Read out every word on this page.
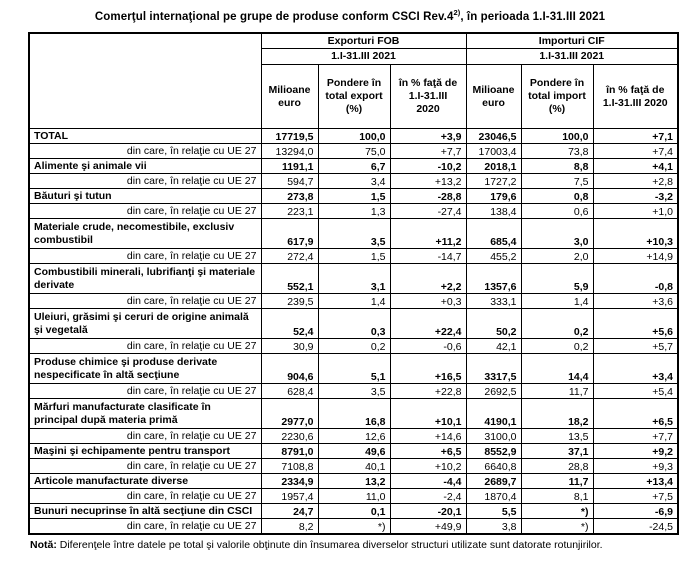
Comerţul internaţional pe grupe de produse conform CSCI Rev.4$^{2)}$, în perioada 1.I-31.III 2021
	Exporturi FOB			Importuri CIF		
	1.I-31.III 2021			1.I-31.III 2021		
	Milioane euro	Pondere în total export (%)	în % faţă de 1.I-31.III 2020	Milioane euro	Pondere în total import (%)	în % faţă de 1.I-31.III 2020
TOTAL	17719,5	100,0	+3,9	23046,5	100,0	+7,1
din care, în relaţie cu UE 27	13294,0	75,0	+7,7	17003,4	73,8	+7,4
Alimente şi animale vii	1191,1	6,7	-10,2	2018,1	8,8	+4,1
din care, în relaţie cu UE 27	594,7	3,4	+13,2	1727,2	7,5	+2,8
Băuturi şi tutun	273,8	1,5	-28,8	179,6	0,8	-3,2
din care, în relaţie cu UE 27	223,1	1,3	-27,4	138,4	0,6	+1,0
Materiale crude, necomestibile, exclusiv combustibil	617,9	3,5	+11,2	685,4	3,0	+10,3
din care, în relaţie cu UE 27	272,4	1,5	-14,7	455,2	2,0	+14,9
Combustibili minerali, lubrifianţi şi materiale derivate	552,1	3,1	+2,2	1357,6	5,9	-0,8
din care, în relaţie cu UE 27	239,5	1,4	+0,3	333,1	1,4	+3,6
Uleiuri, grăsimi şi ceruri de origine animală şi vegetală	52,4	0,3	+22,4	50,2	0,2	+5,6
din care, în relaţie cu UE 27	30,9	0,2	-0,6	42,1	0,2	+5,7
Produse chimice şi produse derivate nespecificate în altă secţiune	904,6	5,1	+16,5	3317,5	14,4	+3,4
din care, în relaţie cu UE 27	628,4	3,5	+22,8	2692,5	11,7	+5,4
Mărfuri manufacturate clasificate în principal după materia primă	2977,0	16,8	+10,1	4190,1	18,2	+6,5
din care, în relaţie cu UE 27	2230,6	12,6	+14,6	3100,0	13,5	+7,7
Maşini şi echipamente pentru transport	8791,0	49,6	+6,5	8552,9	37,1	+9,2
din care, în relaţie cu UE 27	7108,8	40,1	+10,2	6640,8	28,8	+9,3
Articole manufacturate diverse	2334,9	13,2	-4,4	2689,7	11,7	+13,4
din care, în relaţie cu UE 27	1957,4	11,0	-2,4	1870,4	8,1	+7,5
Bunuri necuprinse în altă secţiune din CSCI	24,7	0,1	-20,1	5,5	*)	-6,9
din care, în relaţie cu UE 27	8,2	*)	+49,9	3,8	*)	-24,5
Notă: Diferenţele între datele pe total şi valorile obţinute din însumarea diverselor structuri utilizate sunt datorate rotunjirilor.
